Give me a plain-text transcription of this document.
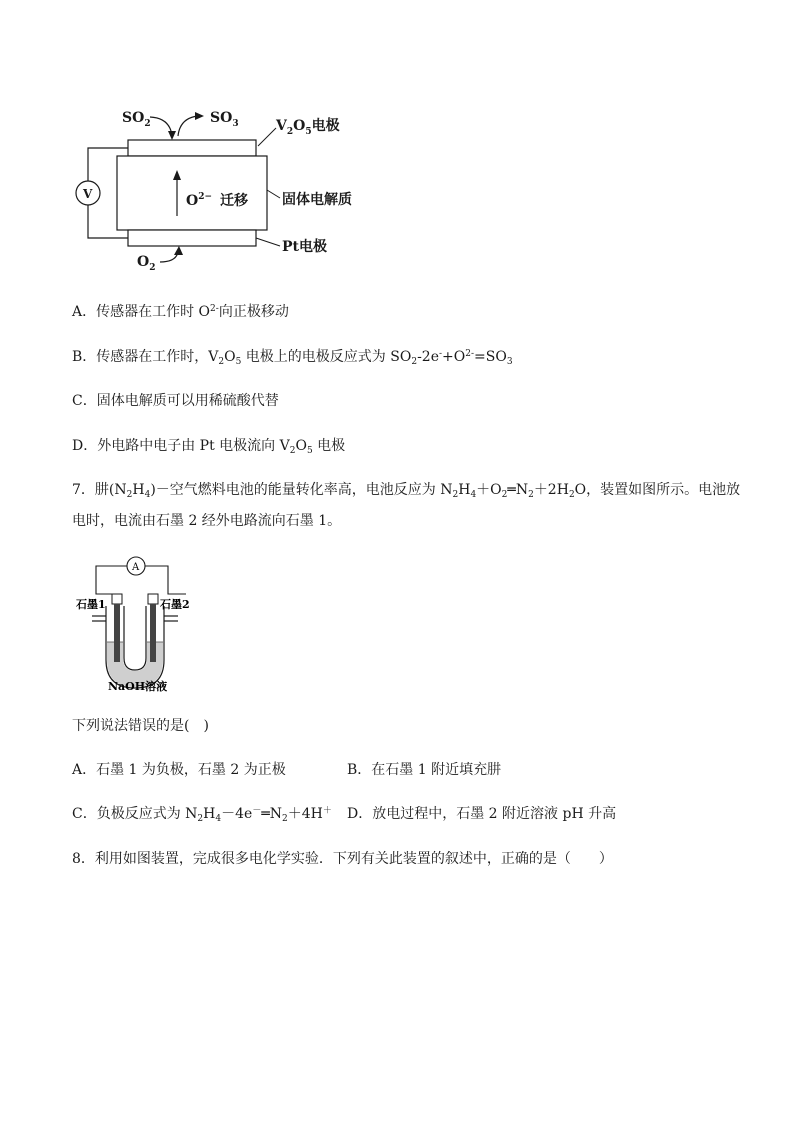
V	$O^{2-}$ 迁移
$SO_2$	$SO_3$	$V_2O_5$电极
固体电解质
Pt电极
$O_2$
A．传感器在工作时 $O^{2-}$向正极移动
B．传感器在工作时，$V_2O_5$ 电极上的电极反应式为 $SO_2-2e^-+O^{2-}=SO_3$
C．固体电解质可以用稀硫酸代替
D．外电路中电子由 Pt 电极流向 $V_2O_5$ 电极
7．肼$(N_2H_4)-$空气燃料电池的能量转化率高，电池反应为 $N_2H_4+O_2═N_2+2H_2O$，装置如图所示。电池放
电时，电流由石墨 2 经外电路流向石墨 1。
A
石墨1	石墨2
NaOH溶液
下列说法错误的是(　)
A．石墨 1 为负极，石墨 2 为正极	B．在石墨 1 附近填充肼
C．负极反应式为 $N_2H_4-4e^-═N_2+4H^+$ D．放电过程中，石墨 2 附近溶液 pH 升高
8．利用如图装置，完成很多电化学实验．下列有关此装置的叙述中，正确的是（　　）
